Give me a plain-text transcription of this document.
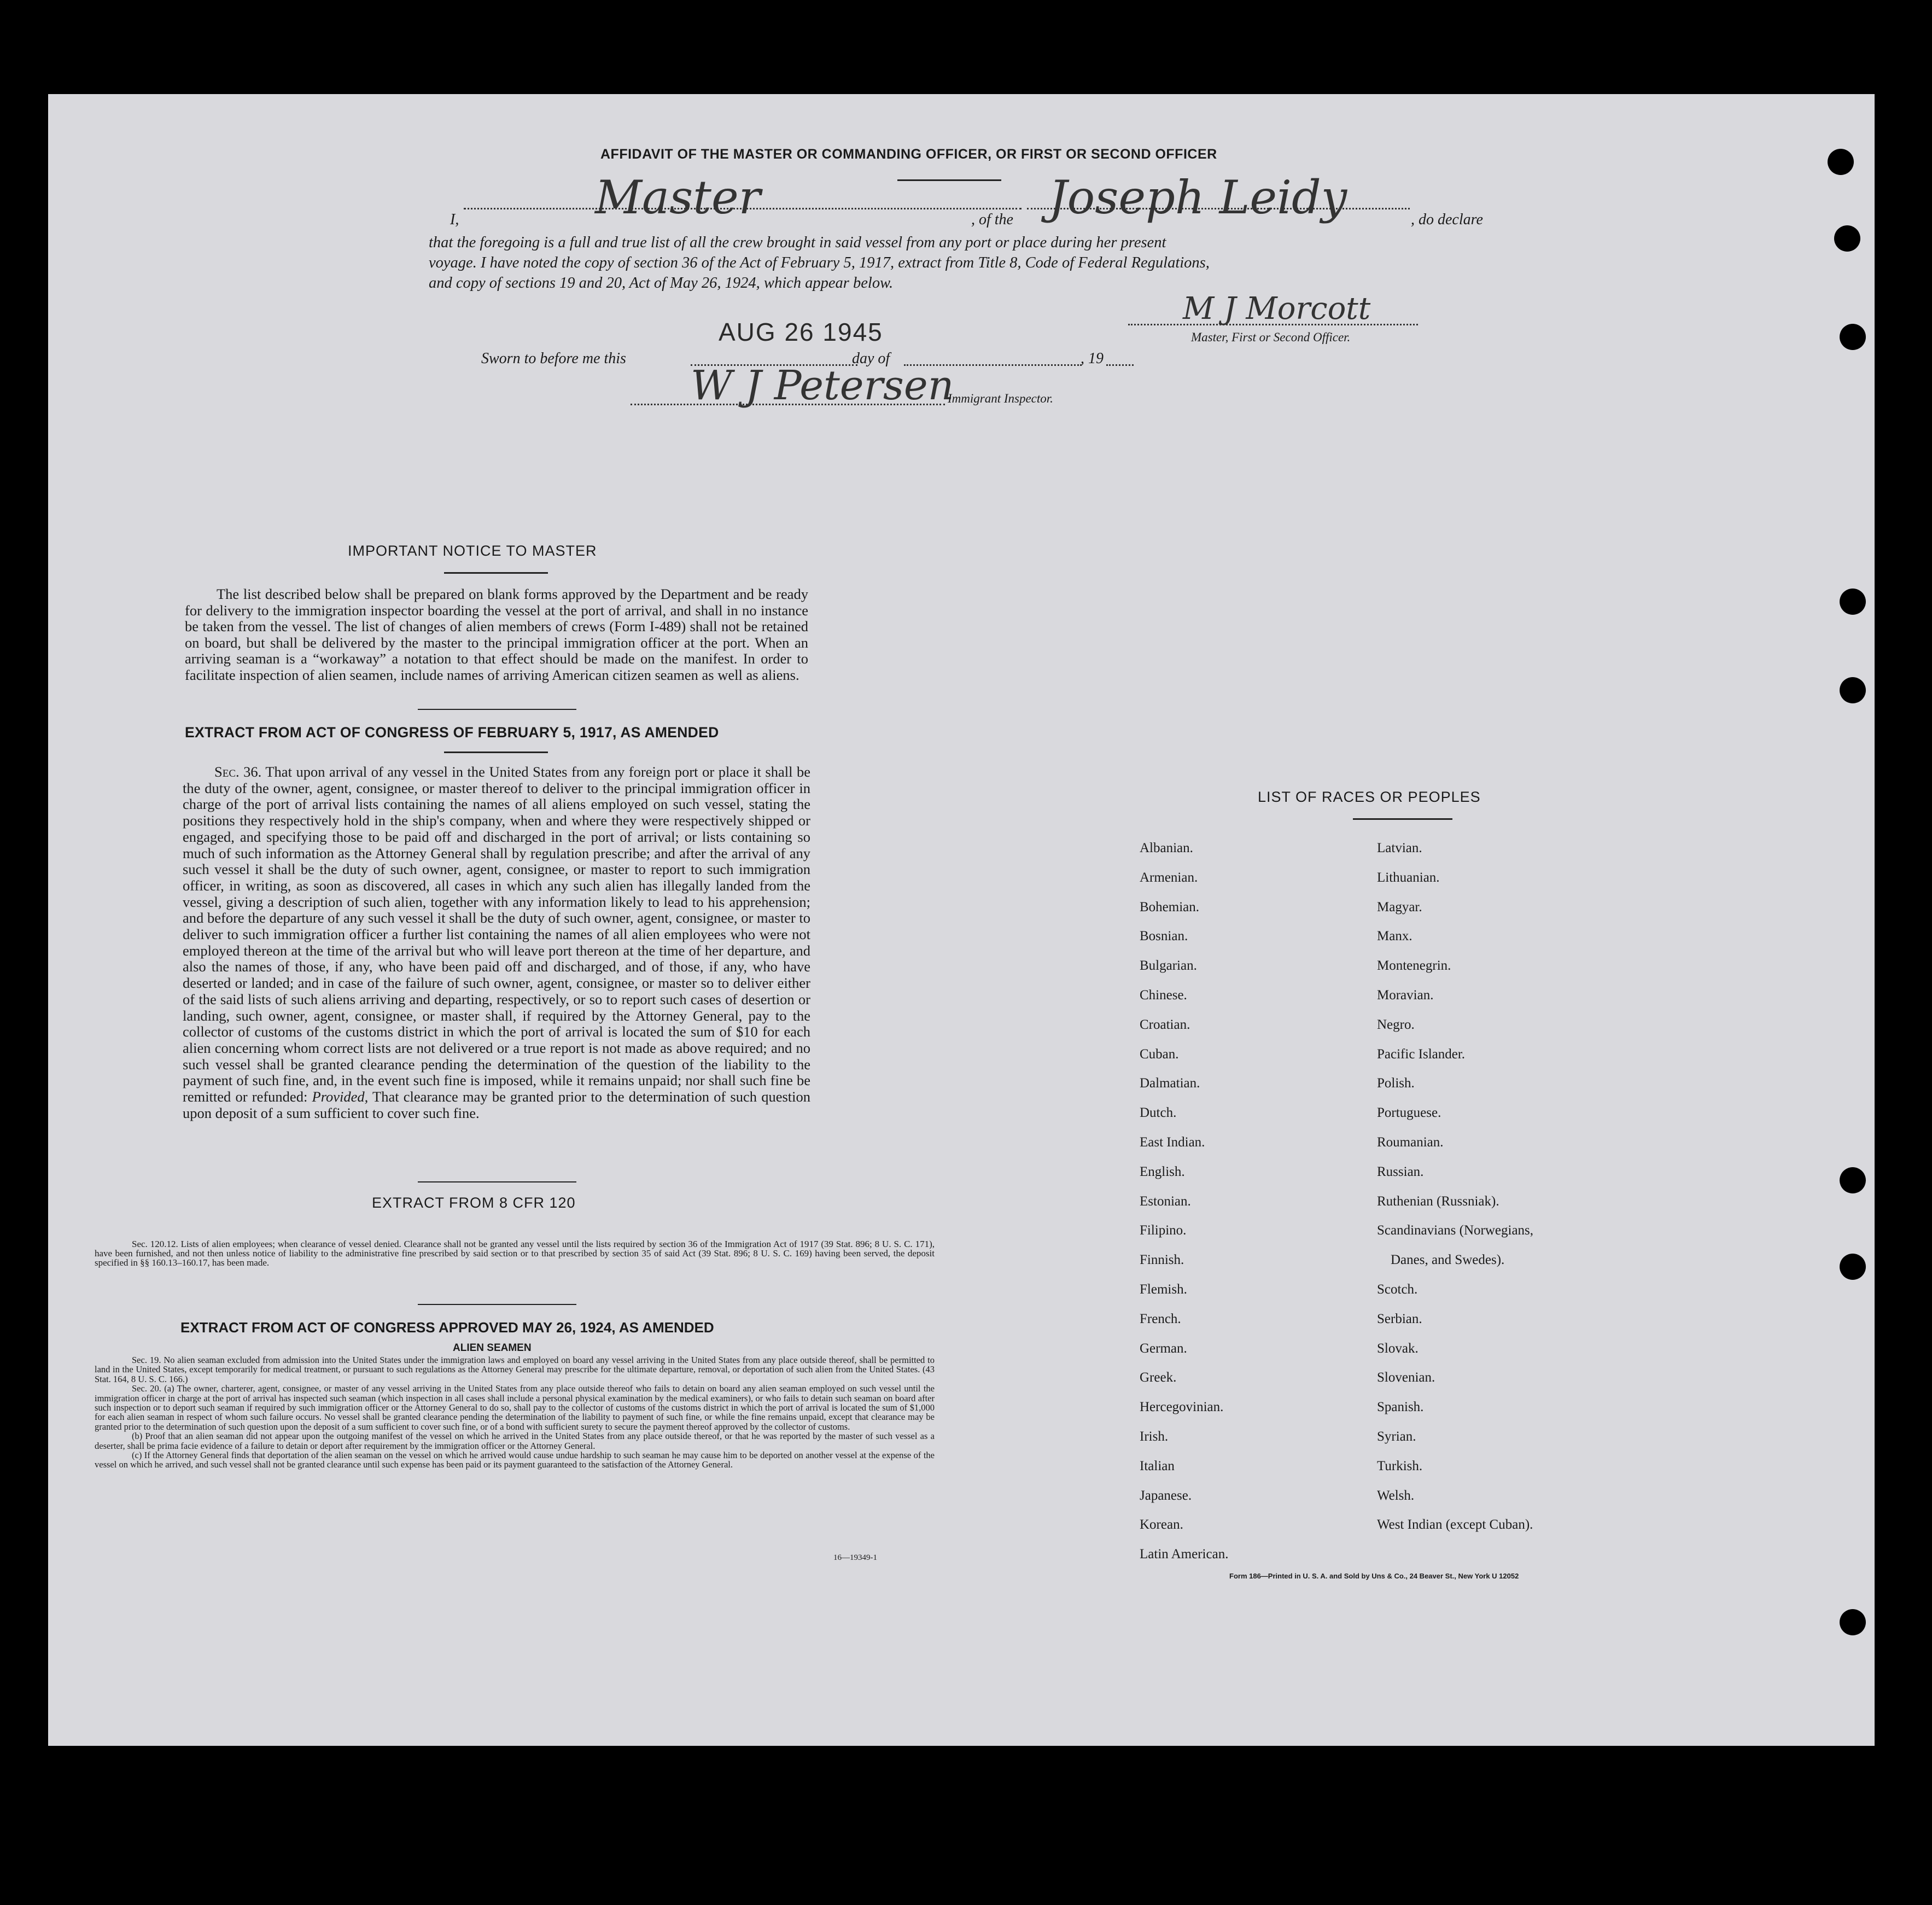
AFFIDAVIT OF THE MASTER OR COMMANDING OFFICER, OR FIRST OR SECOND OFFICER
I,	Master	, of the Joseph Leidy	, do declare
that the foregoing is a full and true list of all the crew brought in said vessel from any port or place during her present
voyage. I have noted the copy of section 36 of the Act of February 5, 1917, extract from Title 8, Code of Federal Regulations,
and copy of sections 19 and 20, Act of May 26, 1924, which appear below.
M J Morcott
Master, First or Second Officer.
AUG 26 1945
Sworn to before me this	day of	, 19
W J Petersen
Immigrant Inspector.
IMPORTANT NOTICE TO MASTER
The list described below shall be prepared on blank forms approved by the Department and be ready for delivery to the immigration inspector boarding the vessel at the port of arrival, and shall in no instance be taken from the vessel. The list of changes of alien members of crews (Form I-489) shall not be retained on board, but shall be delivered by the master to the principal immigration officer at the port. When an arriving seaman is a “workaway” a notation to that effect should be made on the manifest. In order to facilitate inspection of alien seamen, include names of arriving American citizen seamen as well as aliens.
EXTRACT FROM ACT OF CONGRESS OF FEBRUARY 5, 1917, AS AMENDED
Sec. 36. That upon arrival of any vessel in the United States from any foreign port or place it shall be the duty of the owner, agent, consignee, or master thereof to deliver to the principal immigration officer in charge of the port of arrival lists containing the names of all aliens employed on such vessel, stating the positions they respectively hold in the ship's company, when and where they were respectively shipped or engaged, and specifying those to be paid off and discharged in the port of arrival; or lists containing so much of such information as the Attorney General shall by regulation prescribe; and after the arrival of any such vessel it shall be the duty of such owner, agent, consignee, or master to report to such immigration officer, in writing, as soon as discovered, all cases in which any such alien has illegally landed from the vessel, giving a description of such alien, together with any information likely to lead to his apprehension; and before the departure of any such vessel it shall be the duty of such owner, agent, consignee, or master to deliver to such immigration officer a further list containing the names of all alien employees who were not employed thereon at the time of the arrival but who will leave port thereon at the time of her departure, and also the names of those, if any, who have been paid off and discharged, and of those, if any, who have deserted or landed; and in case of the failure of such owner, agent, consignee, or master so to deliver either of the said lists of such aliens arriving and departing, respectively, or so to report such cases of desertion or landing, such owner, agent, consignee, or master shall, if required by the Attorney General, pay to the collector of customs of the customs district in which the port of arrival is located the sum of $10 for each alien concerning whom correct lists are not delivered or a true report is not made as above required; and no such vessel shall be granted clearance pending the determination of the question of the liability to the payment of such fine, and, in the event such fine is imposed, while it remains unpaid; nor shall such fine be remitted or refunded: Provided, That clearance may be granted prior to the determination of such question upon deposit of a sum sufficient to cover such fine.
EXTRACT FROM 8 CFR 120
Sec. 120.12. Lists of alien employees; when clearance of vessel denied. Clearance shall not be granted any vessel until the lists required by section 36 of the Immigration Act of 1917 (39 Stat. 896; 8 U. S. C. 171), have been furnished, and not then unless notice of liability to the administrative fine prescribed by said section or to that prescribed by section 35 of said Act (39 Stat. 896; 8 U. S. C. 169) having been served, the deposit specified in §§ 160.13–160.17, has been made.
EXTRACT FROM ACT OF CONGRESS APPROVED MAY 26, 1924, AS AMENDED
ALIEN SEAMEN
Sec. 19. No alien seaman excluded from admission into the United States under the immigration laws and employed on board any vessel arriving in the United States from any place outside thereof, shall be permitted to land in the United States, except temporarily for medical treatment, or pursuant to such regulations as the Attorney General may prescribe for the ultimate departure, removal, or deportation of such alien from the United States. (43 Stat. 164, 8 U. S. C. 166.)
Sec. 20. (a) The owner, charterer, agent, consignee, or master of any vessel arriving in the United States from any place outside thereof who fails to detain on board any alien seaman employed on such vessel until the immigration officer in charge at the port of arrival has inspected such seaman (which inspection in all cases shall include a personal physical examination by the medical examiners), or who fails to detain such seaman on board after such inspection or to deport such seaman if required by such immigration officer or the Attorney General to do so, shall pay to the collector of customs of the customs district in which the port of arrival is located the sum of $1,000 for each alien seaman in respect of whom such failure occurs. No vessel shall be granted clearance pending the determination of the liability to payment of such fine, or while the fine remains unpaid, except that clearance may be granted prior to the determination of such question upon the deposit of a sum sufficient to cover such fine, or of a bond with sufficient surety to secure the payment thereof approved by the collector of customs.
(b) Proof that an alien seaman did not appear upon the outgoing manifest of the vessel on which he arrived in the United States from any place outside thereof, or that he was reported by the master of such vessel as a deserter, shall be prima facie evidence of a failure to detain or deport after requirement by the immigration officer or the Attorney General.
(c) If the Attorney General finds that deportation of the alien seaman on the vessel on which he arrived would cause undue hardship to such seaman he may cause him to be deported on another vessel at the expense of the vessel on which he arrived, and such vessel shall not be granted clearance until such expense has been paid or its payment guaranteed to the satisfaction of the Attorney General.
16—19349-1
LIST OF RACES OR PEOPLES
Albanian.
Armenian.
Bohemian.
Bosnian.
Bulgarian.
Chinese.
Croatian.
Cuban.
Dalmatian.
Dutch.
East Indian.
English.
Estonian.
Filipino.
Finnish.
Flemish.
French.
German.
Greek.
Hercegovinian.
Irish.
Italian
Japanese.
Korean.
Latin American.
Latvian.
Lithuanian.
Magyar.
Manx.
Montenegrin.
Moravian.
Negro.
Pacific Islander.
Polish.
Portuguese.
Roumanian.
Russian.
Ruthenian (Russniak).
Scandinavians (Norwegians,
Danes, and Swedes).
Scotch.
Serbian.
Slovak.
Slovenian.
Spanish.
Syrian.
Turkish.
Welsh.
West Indian (except Cuban).
Form 186—Printed in U. S. A. and Sold by Uns & Co., 24 Beaver St., New York U 12052
